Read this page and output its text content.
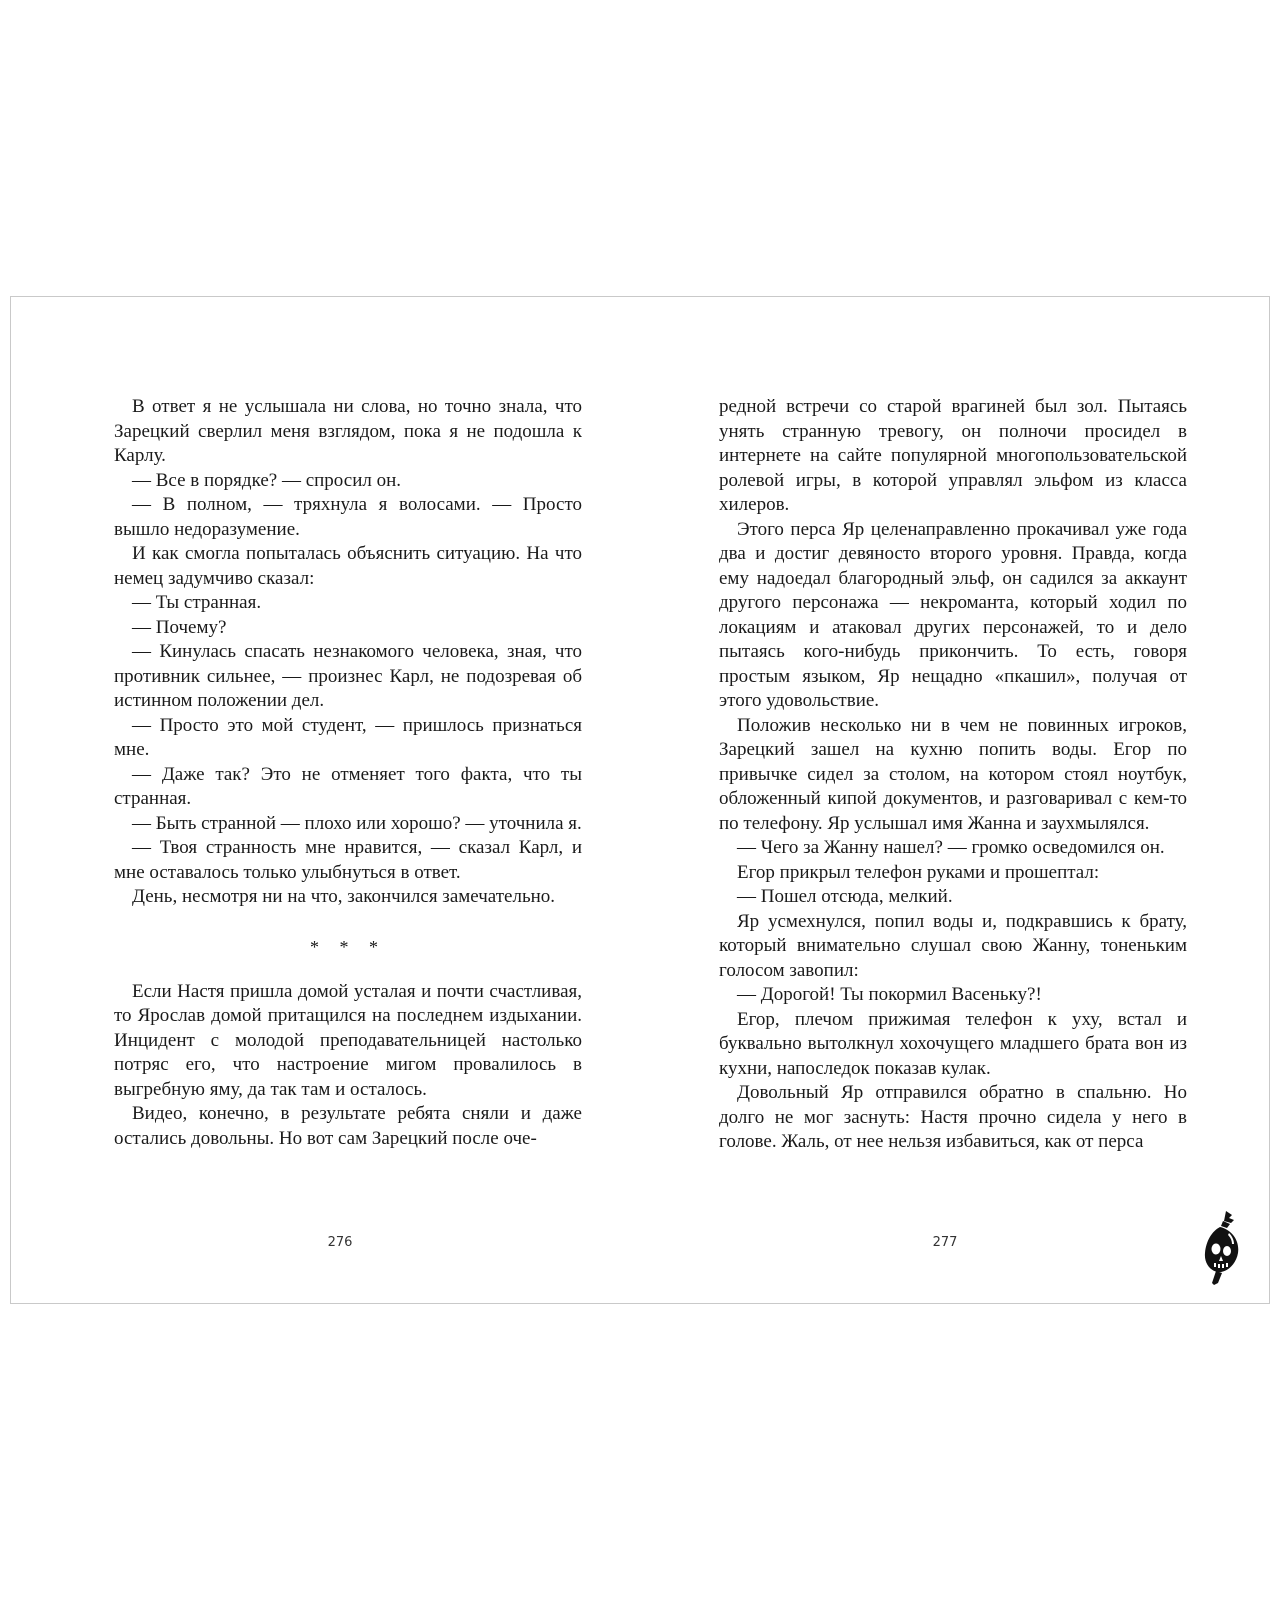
В ответ я не услышала ни слова, но точно знала, что Зарецкий сверлил меня взглядом, пока я не подошла к Карлу.

— Все в порядке? — спросил он.

— В полном, — тряхнула я волосами. — Просто вышло недоразумение.

И как смогла попыталась объяснить ситуацию. На что немец задумчиво сказал:

— Ты странная.

— Почему?

— Кинулась спасать незнакомого человека, зная, что противник сильнее, — произнес Карл, не подозревая об истинном положении дел.

— Просто это мой студент, — пришлось признаться мне.

— Даже так? Это не отменяет того факта, что ты странная.

— Быть странной — плохо или хорошо? — уточнила я.

— Твоя странность мне нравится, — сказал Карл, и мне оставалось только улыбнуться в ответ.

День, несмотря ни на что, закончился замечательно.

* * *

Если Настя пришла домой усталая и почти счастливая, то Ярослав домой притащился на последнем издыхании. Инцидент с молодой преподавательницей настолько потряс его, что настроение мигом провалилось в выгребную яму, да так там и осталось.

Видео, конечно, в результате ребята сняли и даже остались довольны. Но вот сам Зарецкий после оче-

редной встречи со старой врагиней был зол. Пытаясь унять странную тревогу, он полночи просидел в интернете на сайте популярной многопользовательской ролевой игры, в которой управлял эльфом из класса хилеров.

Этого перса Яр целенаправленно прокачивал уже года два и достиг девяносто второго уровня. Правда, когда ему надоедал благородный эльф, он садился за аккаунт другого персонажа — некроманта, который ходил по локациям и атаковал других персонажей, то и дело пытаясь кого-нибудь прикончить. То есть, говоря простым языком, Яр нещадно «пкашил», получая от этого удовольствие.

Положив несколько ни в чем не повинных игроков, Зарецкий зашел на кухню попить воды. Егор по привычке сидел за столом, на котором стоял ноутбук, обложенный кипой документов, и разговаривал с кем-то по телефону. Яр услышал имя Жанна и заухмылялся.

— Чего за Жанну нашел? — громко осведомился он.

Егор прикрыл телефон руками и прошептал:

— Пошел отсюда, мелкий.

Яр усмехнулся, попил воды и, подкравшись к брату, который внимательно слушал свою Жанну, тоненьким голосом завопил:

— Дорогой! Ты покормил Васеньку?!

Егор, плечом прижимая телефон к уху, встал и буквально вытолкнул хохочущего младшего брата вон из кухни, напоследок показав кулак.

Довольный Яр отправился обратно в спальню. Но долго не мог заснуть: Настя прочно сидела у него в голове. Жаль, от нее нельзя избавиться, как от перса

276	277
